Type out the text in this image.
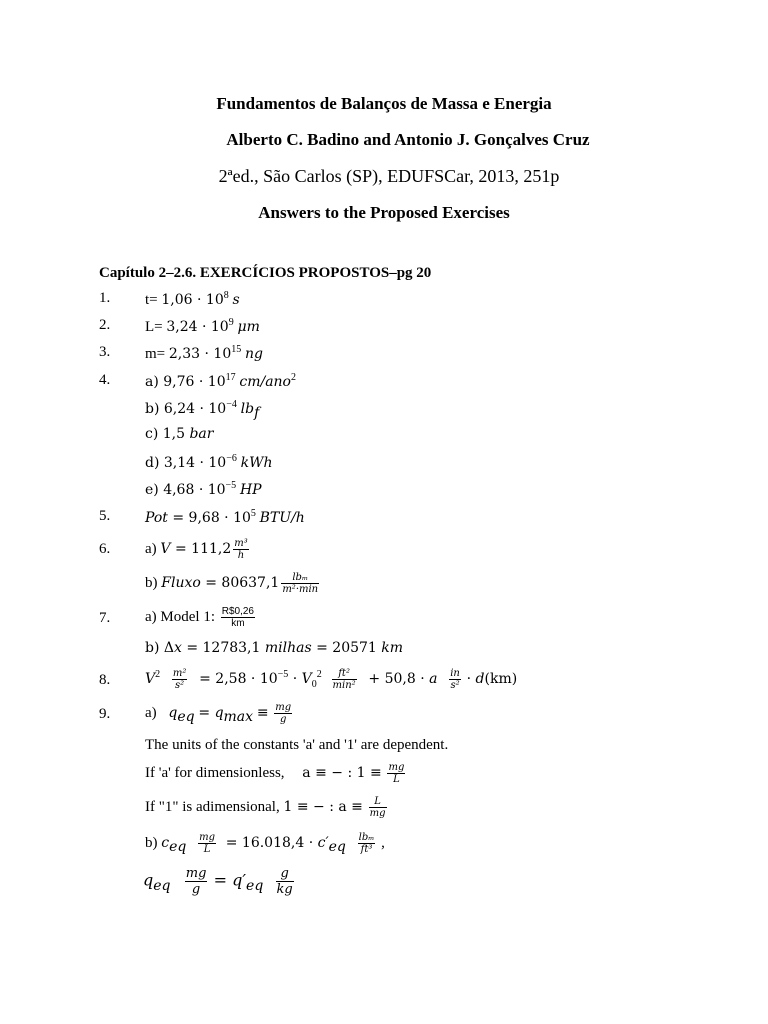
Fundamentos de Balanços de Massa e Energia
Alberto C. Badino and Antonio J. Gonçalves Cruz
2ªed., São Carlos (SP), EDUFSCar, 2013, 251p
Answers to the Proposed Exercises
Capítulo 2–2.6. EXERCÍCIOS PROPOSTOS–pg 20
1. $t= 1,06 \cdot 10^8$ s
2. $L= 3,24 \cdot 10^9$ μm
3. $m= 2,33 \cdot 10^{15}$ ng
4. a) $9,76 \cdot 10^{17}$ cm/ano$^2$
b) $6,24 \cdot 10^{-4}$ $lb_f$
c) 1,5 bar
d) $3,14 \cdot 10^{-6}$ kWh
e) $4,68 \cdot 10^{-5}$ HP
5. Pot = $9,68 \cdot 10^5$ BTU/h
6. a) $V = 111,2 \frac{\text{m³}}{h}$
b) Fluxo = $80637,1 \frac{\text{lbₘ}}{\text{m²·min}}$
7. a) Model 1: $\frac{R\$0,26}{km}$
b) Δx = 12783,1 milhas = 20571 km
8. $V^2 \frac{\text{m²}}{\text{s²}} = 2,58 \cdot 10^{-5} \cdot V_0^2 \frac{\text{ft²}}{\text{min²}} + 50,8 \cdot a \frac{in}{\text{s²}} \cdot d(km)$
9. a) $q_{eq} = q_{max} \equiv \frac{mg}{g}$
The units of the constants 'a' and '1' are dependent.
If 'a' for dimensionless, a ≡ − : $1 \equiv \frac{mg}{L}$
If "1" is adimensional, 1 ≡ − : $a \equiv \frac{L}{mg}$
b) $c_{eq} \frac{mg}{L} = 16.018,4 \cdot c'_{eq} \frac{\text{lbₘ}}{\text{ft³}}$ ,
$q_{eq} \frac{mg}{g} = q'_{eq} \frac{g}{kg}$
